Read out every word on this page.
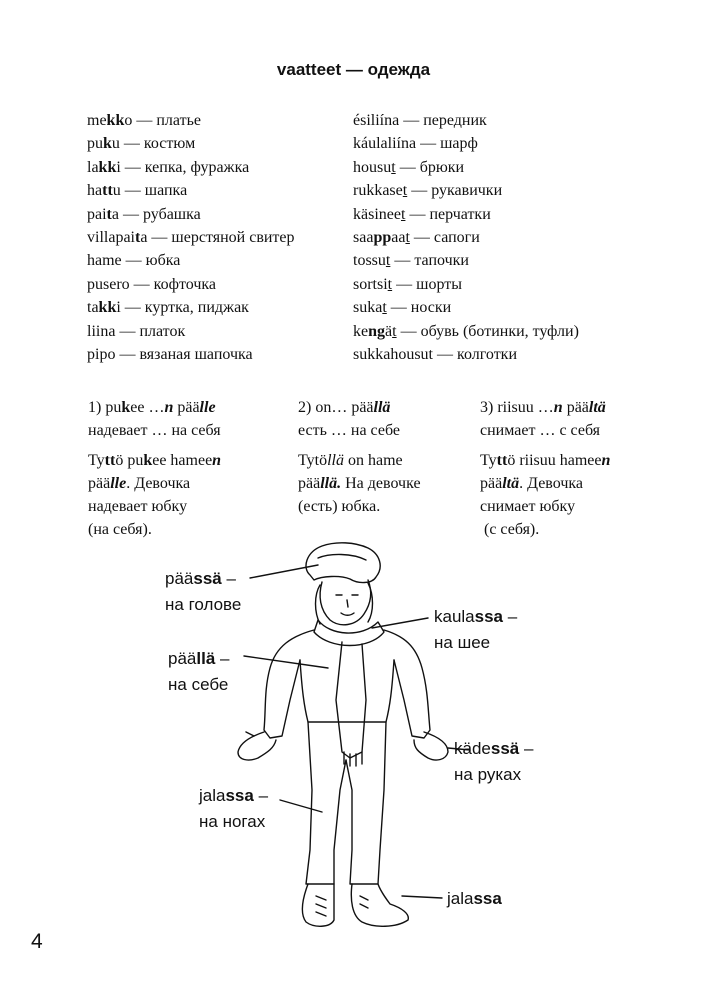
vaatteet — одежда
mekko — платье
puku — костюм
lakki — кепка, фуражка
hattu — шапка
paita — рубашка
villapaita — шерстяной свитер
hame — юбка
pusero — кофточка
takki — куртка, пиджак
liina — платок
pipo — вязаная шапочка
ésiliína — передник
káulaliína — шарф
housut — брюки
rukkaset — рукавички
käsineet — перчатки
saappaat — сапоги
tossut — тапочки
sortsit — шорты
sukat — носки
kengät — обувь (ботинки, туфли)
sukkahousut — колготки
1) pukee …n päälle
надевает … на себя
Tyttö pukee hameen
päälle. Девочка
надевает юбку
(на себя).
2) on… päällä
есть … на себе
Tytöllä on hame
päällä. На девочке
(есть) юбка.
3) riisuu …n päältä
снимает … с себя
Tyttö riisuu hameen
päältä. Девочка
снимает юбку
(с себя).
päässä –
на голове
päällä –
на себе
kaulassa –
на шее
kädessä –
на руках
jalassa –
на ногах
jalassa
4
